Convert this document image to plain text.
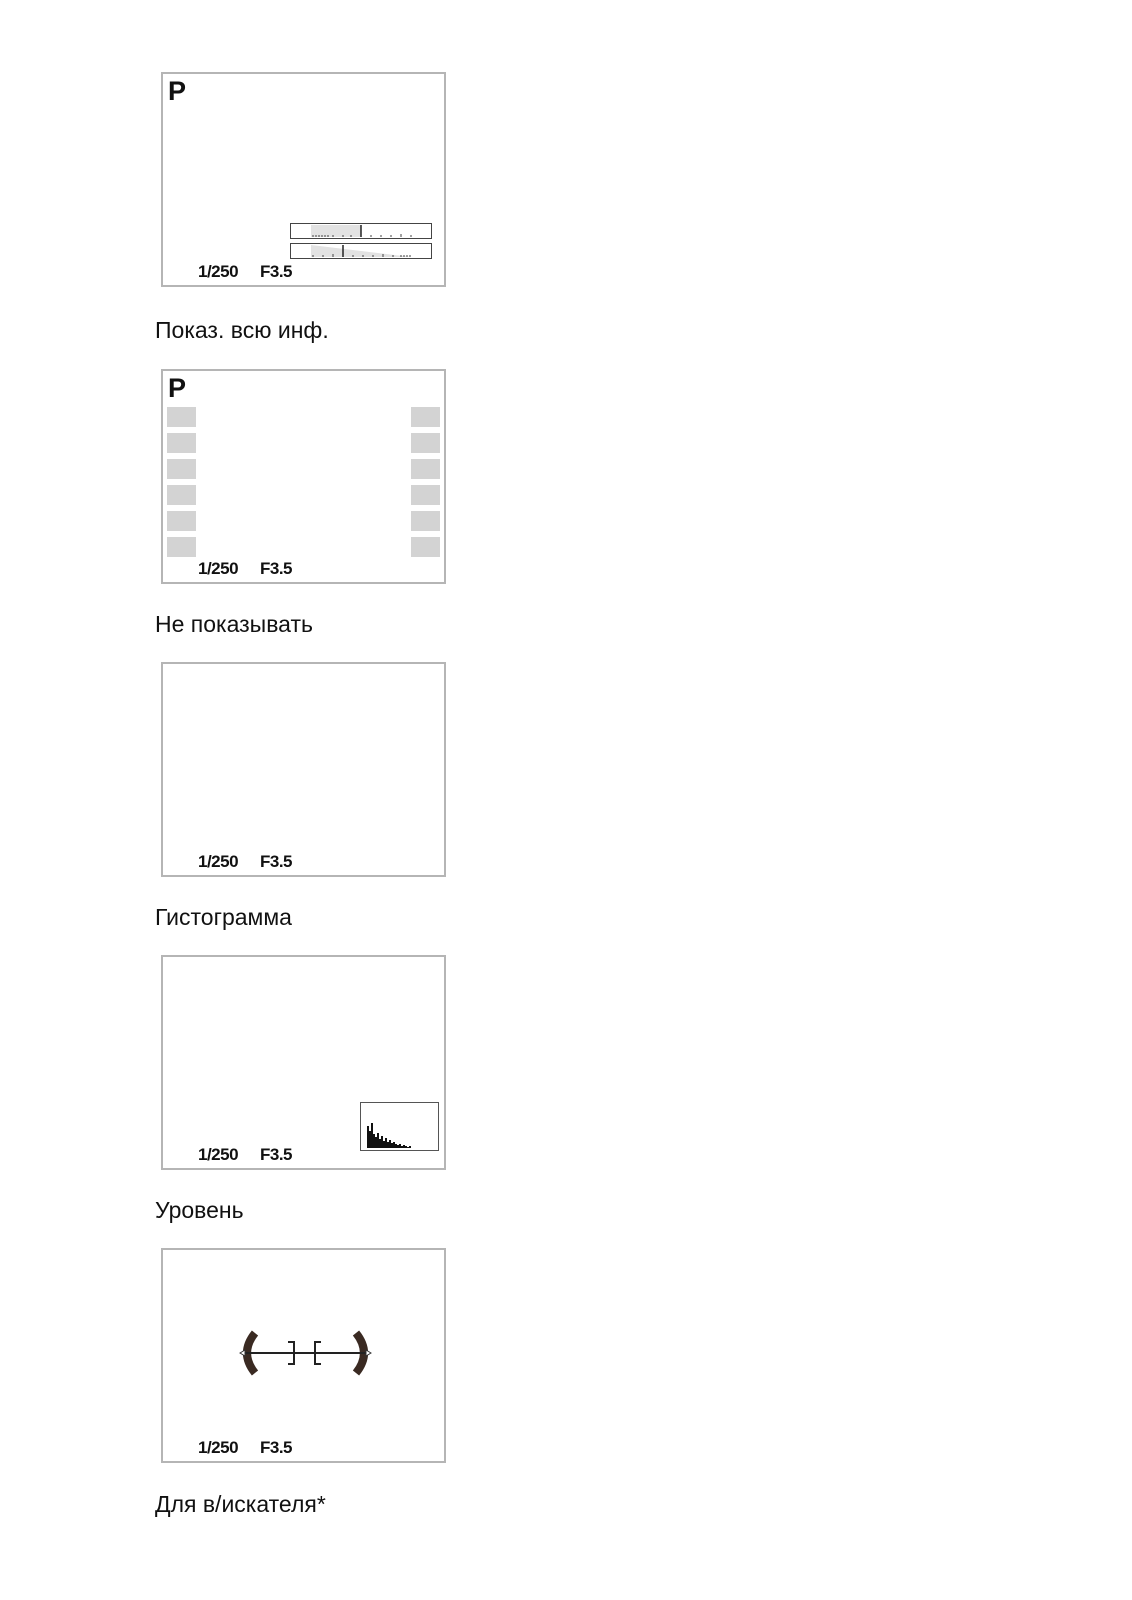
P
1/250 F3.5
Показ. всю инф.
P
1/250 F3.5
Не показывать
1/250 F3.5
Гистограмма
1/250 F3.5
Уровень
1/250 F3.5
Для в/искателя*
